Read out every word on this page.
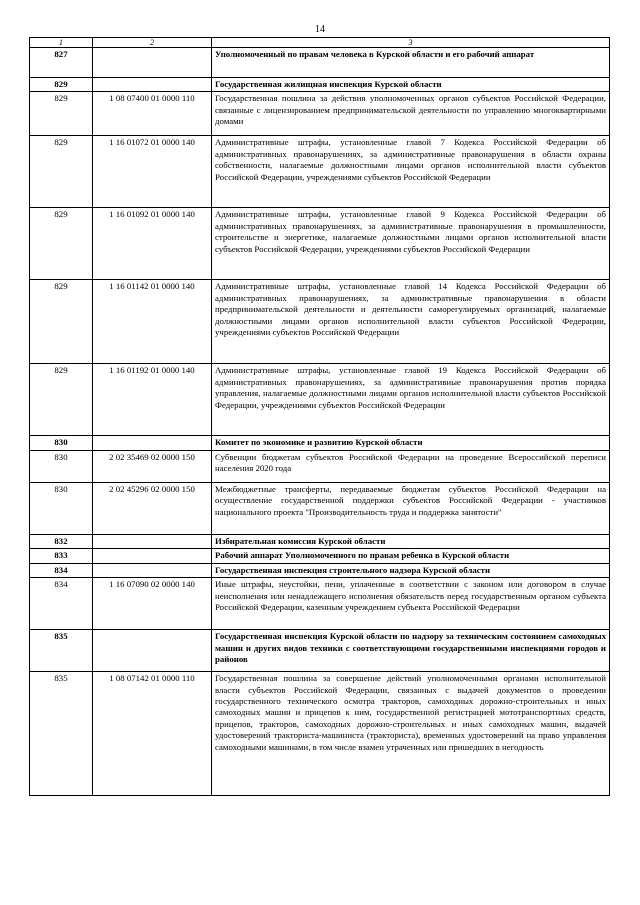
14
1	2	3
827		Уполномоченный по правам человека в Курской области и его рабочий аппарат
829		Государственная жилищная инспекция Курской области
829	1 08 07400 01 0000 110	Государственная пошлина за действия уполномоченных органов субъектов Российской Федерации, связанные с лицензированием предпринимательской деятельности по управлению многоквартирными домами
829	1 16 01072 01 0000 140	Административные штрафы, установленные главой 7 Кодекса Российской Федерации об административных правонарушениях, за административные правонарушения в области охраны собственности, налагаемые должностными лицами органов исполнительной власти субъектов Российской Федерации, учреждениями субъектов Российской Федерации
829	1 16 01092 01 0000 140	Административные штрафы, установленные главой 9 Кодекса Российской Федерации об административных правонарушениях, за административные правонарушения в промышленности, строительстве и энергетике, налагаемые должностными лицами органов исполнительной власти субъектов Российской Федерации, учреждениями субъектов Российской Федерации
829	1 16 01142 01 0000 140	Административные штрафы, установленные главой 14 Кодекса Российской Федерации об административных правонарушениях, за административные правонарушения в области предпринимательской деятельности и деятельности саморегулируемых организаций, налагаемые должностными лицами органов исполнительной власти субъектов Российской Федерации, учреждениями субъектов Российской Федерации
829	1 16 01192 01 0000 140	Административные штрафы, установленные главой 19 Кодекса Российской Федерации об административных правонарушениях, за административные правонарушения против порядка управления, налагаемые должностными лицами органов исполнительной власти субъектов Российской Федерации, учреждениями субъектов Российской Федерации
830		Комитет по экономике и развитию Курской области
830	2 02 35469 02 0000 150	Субвенции бюджетам субъектов Российской Федерации на проведение Всероссийской переписи населения 2020 года
830	2 02 45296 02 0000 150	Межбюджетные трансферты, передаваемые бюджетам субъектов Российской Федерации на осуществление государственной поддержки субъектов Российской Федерации - участников национального проекта "Производительность труда и поддержка занятости"
832		Избирательная комиссия Курской области
833		Рабочий аппарат Уполномоченного по правам ребенка в Курской области
834		Государственная инспекция строительного надзора Курской области
834	1 16 07090 02 0000 140	Иные штрафы, неустойки, пени, уплаченные в соответствии с законом или договором в случае неисполнения или ненадлежащего исполнения обязательств перед государственным органом субъекта Российской Федерации, казенным учреждением субъекта Российской Федерации
835		Государственная инспекция Курской области по надзору за техническим состоянием самоходных машин и других видов техники с соответствующими государственными инспекциями городов и районов
835	1 08 07142 01 0000 110	Государственная пошлина за совершение действий уполномоченными органами исполнительной власти субъектов Российской Федерации, связанных с выдачей документов о проведении государственного технического осмотра тракторов, самоходных дорожно-строительных и иных самоходных машин и прицепов к ним, государственной регистрацией мототранспортных средств, прицепов, тракторов, самоходных дорожно-строительных и иных самоходных машин, выдачей удостоверений тракториста-машиниста (тракториста), временных удостоверений на право управления самоходными машинами, в том числе взамен утраченных или пришедших в негодность
